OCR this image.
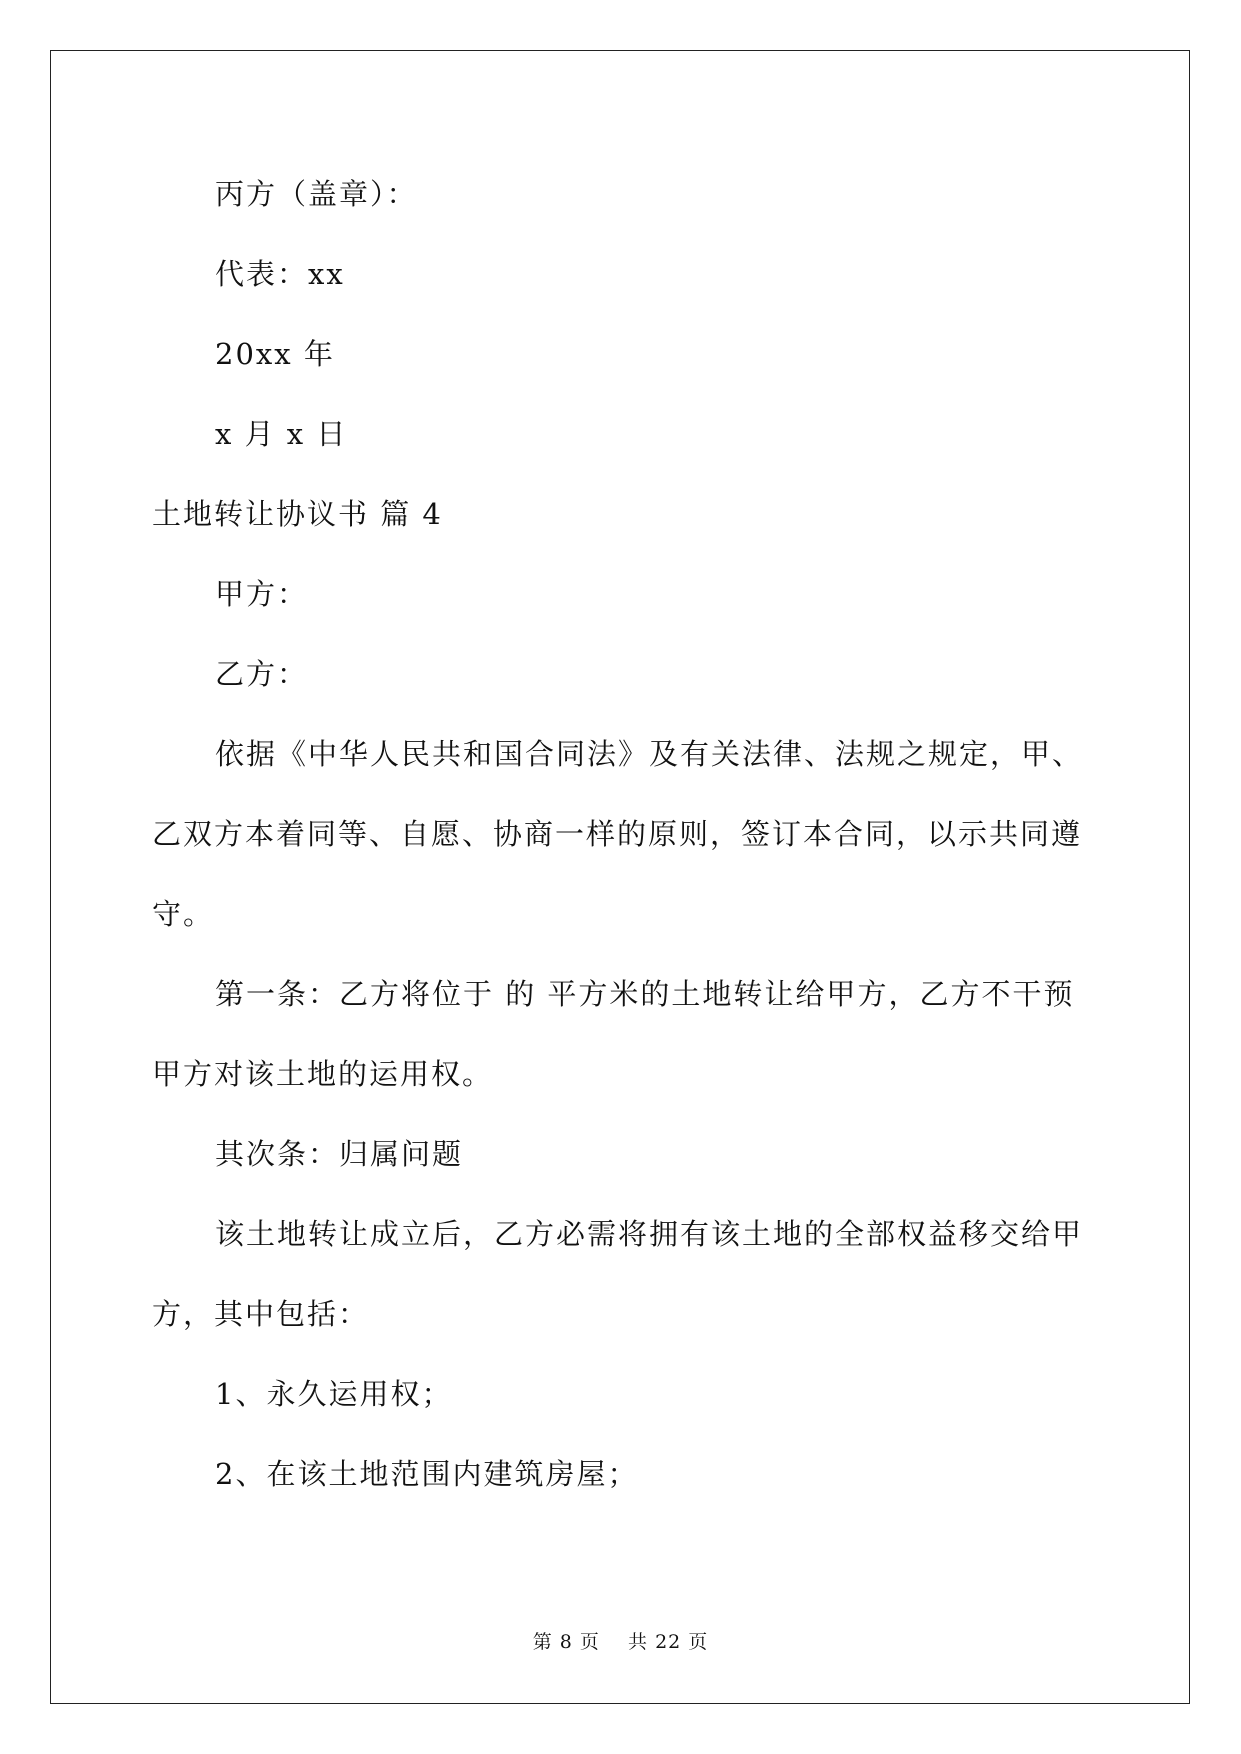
丙方（盖章）：
代表：xx
20xx 年
x 月 x 日
土地转让协议书 篇 4
甲方：
乙方：
依据《中华人民共和国合同法》及有关法律、法规之规定，甲、
乙双方本着同等、自愿、协商一样的原则，签订本合同，以示共同遵
守。
第一条：乙方将位于 的 平方米的土地转让给甲方，乙方不干预
甲方对该土地的运用权。
其次条：归属问题
该土地转让成立后，乙方必需将拥有该土地的全部权益移交给甲
方，其中包括：
1、永久运用权；
2、在该土地范围内建筑房屋；
第 8 页 共 22 页
